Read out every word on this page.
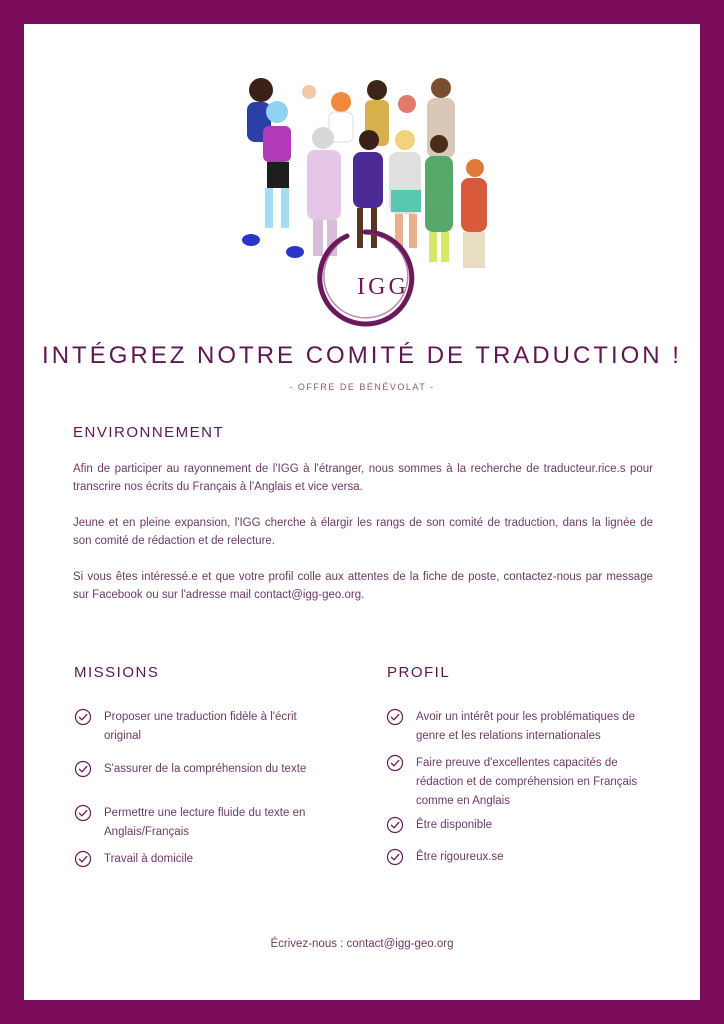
IGG
INTÉGREZ NOTRE COMITÉ DE TRADUCTION !
- OFFRE DE BÉNÉVOLAT -
ENVIRONNEMENT

Afin de participer au rayonnement de l'IGG à l'étranger, nous sommes à la recherche de traducteur.rice.s pour transcrire nos écrits du Français à l'Anglais et vice versa.

Jeune et en pleine expansion, l'IGG cherche à élargir les rangs de son comité de traduction, dans la lignée de son comité de rédaction et de relecture.

Si vous êtes intéressé.e et que votre profil colle aux attentes de la fiche de poste, contactez-nous par message sur Facebook ou sur l'adresse mail contact@igg-geo.org.

MISSIONS
Proposer une traduction fidèle à l'écrit original
S'assurer de la compréhension du texte
Permettre une lecture fluide du texte en Anglais/Français
Travail à domicile
PROFIL
Avoir un intérêt pour les problématiques de genre et les relations internationales
Faire preuve d'excellentes capacités de rédaction et de compréhension en Français comme en Anglais
Être disponible
Être rigoureux.se
Écrivez-nous : contact@igg-geo.org
